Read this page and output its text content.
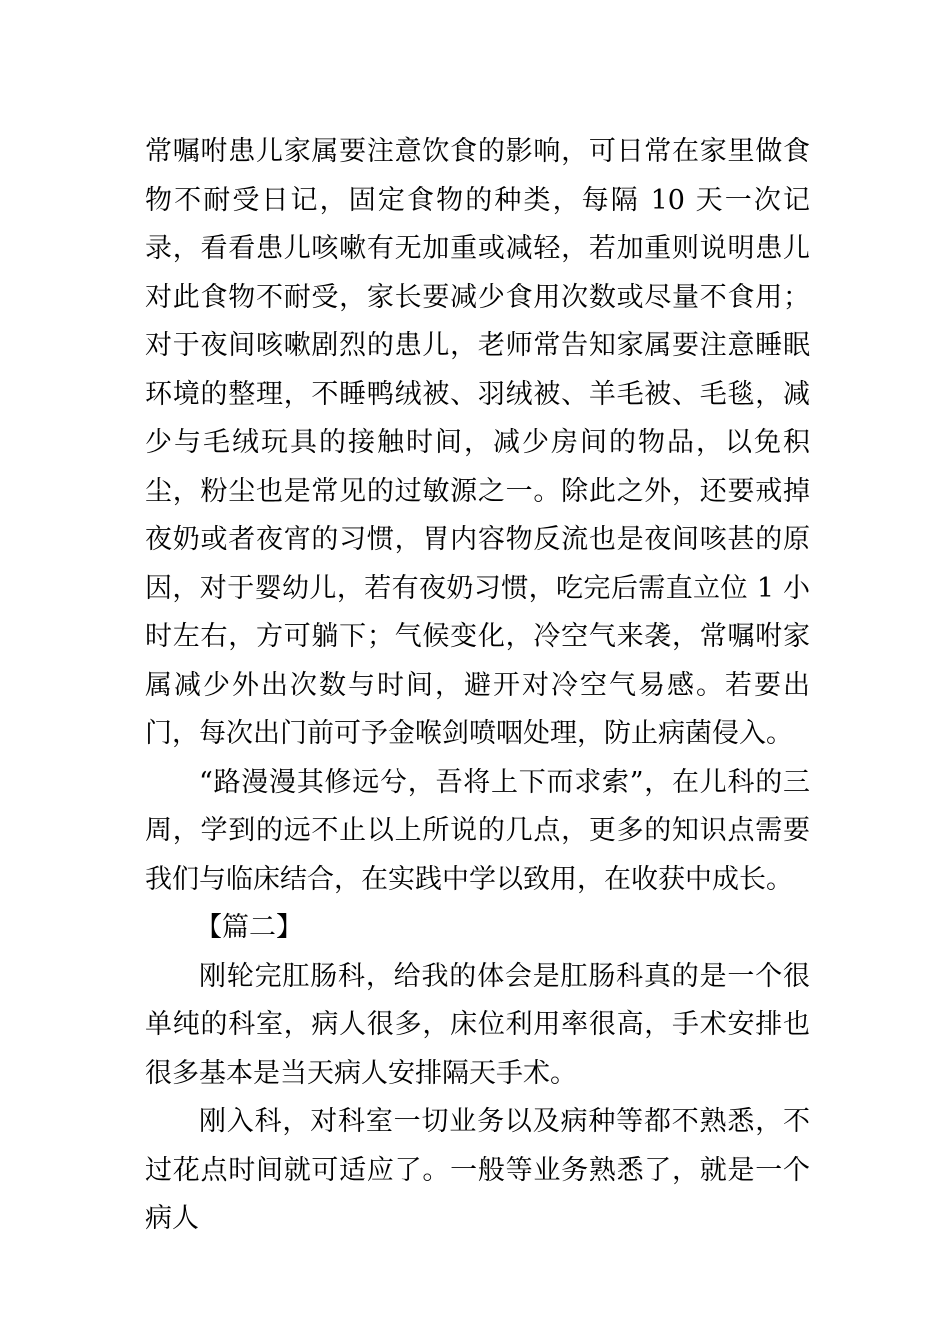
常嘱咐患儿家属要注意饮食的影响，可日常在家里做食物不耐受日记，固定食物的种类，每隔 10 天一次记录，看看患儿咳嗽有无加重或减轻，若加重则说明患儿对此食物不耐受，家长要减少食用次数或尽量不食用；对于夜间咳嗽剧烈的患儿，老师常告知家属要注意睡眠环境的整理，不睡鸭绒被、羽绒被、羊毛被、毛毯，减少与毛绒玩具的接触时间，减少房间的物品，以免积尘，粉尘也是常见的过敏源之一。除此之外，还要戒掉夜奶或者夜宵的习惯，胃内容物反流也是夜间咳甚的原因，对于婴幼儿，若有夜奶习惯，吃完后需直立位 1 小时左右，方可躺下；气候变化，冷空气来袭，常嘱咐家属减少外出次数与时间，避开对冷空气易感。若要出门，每次出门前可予金喉剑喷咽处理，防止病菌侵入。

“路漫漫其修远兮，吾将上下而求索”，在儿科的三周，学到的远不止以上所说的几点，更多的知识点需要我们与临床结合，在实践中学以致用，在收获中成长。

【篇二】

刚轮完肛肠科，给我的体会是肛肠科真的是一个很单纯的科室，病人很多，床位利用率很高，手术安排也很多基本是当天病人安排隔天手术。

刚入科，对科室一切业务以及病种等都不熟悉，不过花点时间就可适应了。一般等业务熟悉了，就是一个病人
